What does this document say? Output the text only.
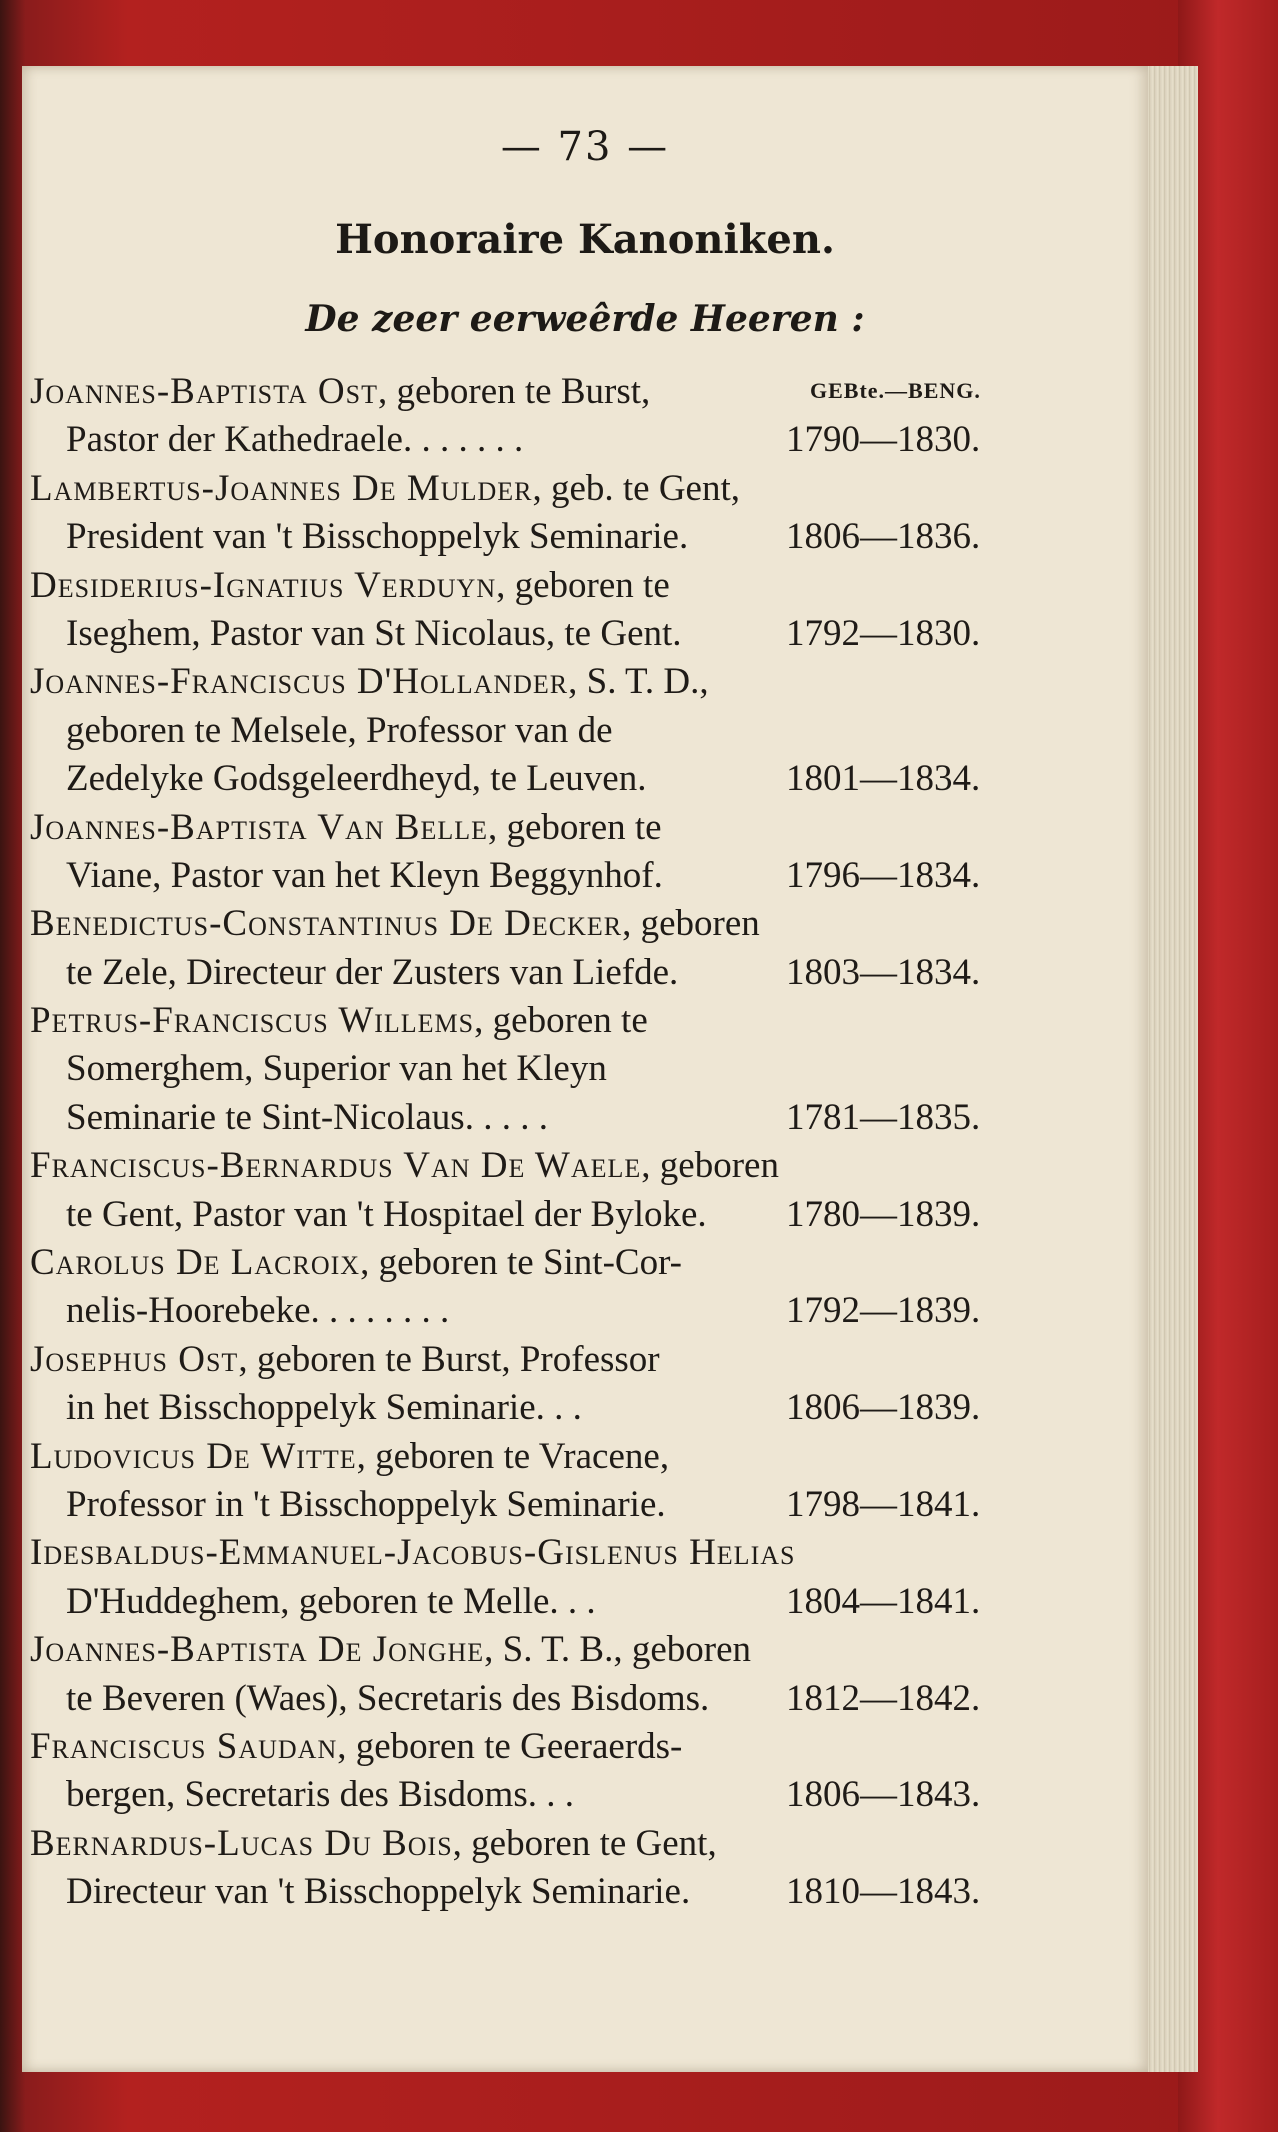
— 73 —
Honoraire Kanoniken.
De zeer eerweêrde Heeren :
Joannes-Baptista Ost, geboren te Burst,	GEBte.—BENG.
Pastor der Kathedraele. . . . . . .	1790—1830.
Lambertus-Joannes De Mulder, geb. te Gent,
President van 't Bisschoppelyk Seminarie.	1806—1836.
Desiderius-Ignatius Verduyn, geboren te
Iseghem, Pastor van St Nicolaus, te Gent.	1792—1830.
Joannes-Franciscus D'Hollander, S. T. D.,
geboren te Melsele, Professor van de
Zedelyke Godsgeleerdheyd, te Leuven.	1801—1834.
Joannes-Baptista Van Belle, geboren te
Viane, Pastor van het Kleyn Beggynhof.	1796—1834.
Benedictus-Constantinus De Decker, geboren
te Zele, Directeur der Zusters van Liefde.	1803—1834.
Petrus-Franciscus Willems, geboren te
Somerghem, Superior van het Kleyn
Seminarie te Sint-Nicolaus. . . . .	1781—1835.
Franciscus-Bernardus Van De Waele, geboren
te Gent, Pastor van 't Hospitael der Byloke. 1780—1839.
Carolus De Lacroix, geboren te Sint-Cor-
nelis-Hoorebeke. . . . . . . .	1792—1839.
Josephus Ost, geboren te Burst, Professor
in het Bisschoppelyk Seminarie. . .	1806—1839.
Ludovicus De Witte, geboren te Vracene,
Professor in 't Bisschoppelyk Seminarie.	1798—1841.
Idesbaldus-Emmanuel-Jacobus-Gislenus Helias
D'Huddeghem, geboren te Melle. . .	1804—1841.
Joannes-Baptista De Jonghe, S. T. B., geboren
te Beveren (Waes), Secretaris des Bisdoms. 1812—1842.
Franciscus Saudan, geboren te Geeraerds-
bergen, Secretaris des Bisdoms. . .	1806—1843.
Bernardus-Lucas Du Bois, geboren te Gent,
Directeur van 't Bisschoppelyk Seminarie.	1810—1843.
